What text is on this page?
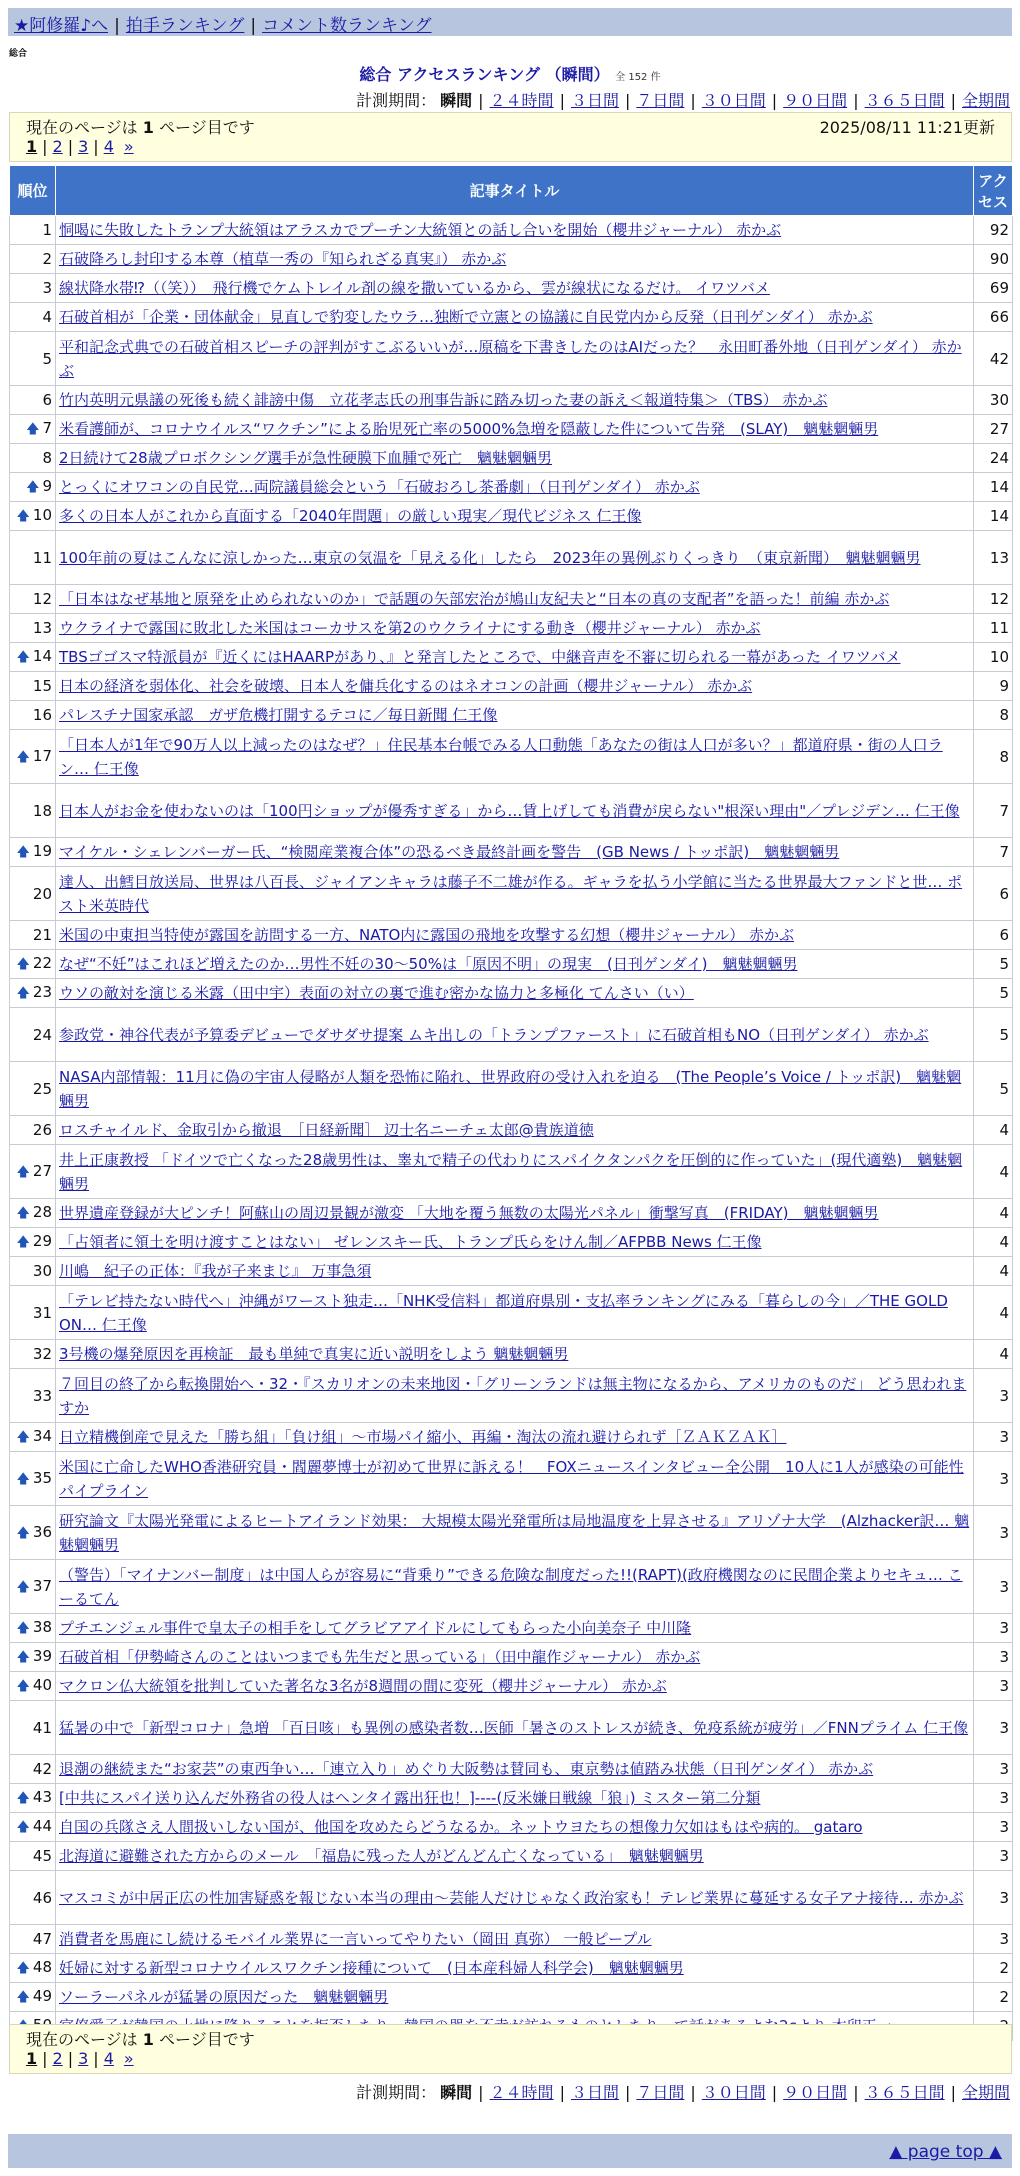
★阿修羅♪へ | 拍手ランキング | コメント数ランキング
総合
総合 アクセスランキング （瞬間） 全 152 件
計測期間： 瞬間 | ２４時間 | ３日間 | ７日間 | ３０日間 | ９０日間 | ３６５日間 | 全期間
現在のページは 1 ページ目です	2025/08/11 11:21更新
1 | 2 | 3 | 4 »
順位	記事タイトル	アクセス
1	恫喝に失敗したトランプ大統領はアラスカでプーチン大統領との話し合いを開始（櫻井ジャーナル） 赤かぶ	92
2	石破降ろし封印する本尊（植草一秀の『知られざる真実』） 赤かぶ	90
3	線状降水帯⁉（（笑））　飛行機でケムトレイル剤の線を撒いているから、雲が線状になるだけ。 イワツバメ	69
4	石破首相が「企業・団体献金」見直しで豹変したウラ…独断で立憲との協議に自民党内から反発（日刊ゲンダイ） 赤かぶ	66
5	平和記念式典での石破首相スピーチの評判がすこぶるいいが…原稿を下書きしたのはAIだった？　永田町番外地（日刊ゲンダイ） 赤かぶ	42
6	竹内英明元県議の死後も続く誹謗中傷　立花孝志氏の刑事告訴に踏み切った妻の訴え＜報道特集＞（TBS） 赤かぶ	30
🡅 7	米看護師が、コロナウイルス“ワクチン”による胎児死亡率の5000%急増を隠蔽した件について告発　(SLAY)　魑魅魍魎男	27
8	2日続けて28歳プロボクシング選手が急性硬膜下血腫で死亡　魑魅魍魎男	24
🡅 9	とっくにオワコンの自民党…両院議員総会という「石破おろし茶番劇」（日刊ゲンダイ） 赤かぶ	14
🡅 10	多くの日本人がこれから直面する「2040年問題」の厳しい現実／現代ビジネス 仁王像	14
11	100年前の夏はこんなに涼しかった…東京の気温を「見える化」したら　2023年の異例ぶりくっきり　（東京新聞）　魑魅魍魎男	13
12	「日本はなぜ基地と原発を止められないのか」で話題の矢部宏治が鳩山友紀夫と“日本の真の支配者”を語った！前編 赤かぶ	12
13	ウクライナで露国に敗北した米国はコーカサスを第2のウクライナにする動き（櫻井ジャーナル） 赤かぶ	11
🡅 14	TBSゴゴスマ特派員が『近くにはHAARPがあり、』と発言したところで、中継音声を不審に切られる一幕があった イワツバメ	10
15	日本の経済を弱体化、社会を破壊、日本人を傭兵化するのはネオコンの計画（櫻井ジャーナル） 赤かぶ	9
16	パレスチナ国家承認　ガザ危機打開するテコに／毎日新聞 仁王像	8
🡅 17	「日本人が1年で90万人以上減ったのはなぜ？」住民基本台帳でみる人口動態「あなたの街は人口が多い？」都道府県・街の人口ラン… 仁王像	8
18	日本人がお金を使わないのは「100円ショップが優秀すぎる」から…賃上げしても消費が戻らない"根深い理由"／プレジデン… 仁王像	7
🡅 19	マイケル・シェレンバーガー氏、“検閲産業複合体”の恐るべき最終計画を警告　(GB News / トッポ訳)　魑魅魍魎男	7
20	達人、出鱈目放送局、世界は八百長、ジャイアンキャラは藤子不二雄が作る。ギャラを払う小学館に当たる世界最大ファンドと世… ポスト米英時代	6
21	米国の中東担当特使が露国を訪問する一方、NATO内に露国の飛地を攻撃する幻想（櫻井ジャーナル） 赤かぶ	6
🡅 22	なぜ“不妊”はこれほど増えたのか…男性不妊の30～50%は「原因不明」の現実　(日刊ゲンダイ)　魑魅魍魎男	5
🡅 23	ウソの敵対を演じる米露（田中宇）表面の対立の裏で進む密かな協力と多極化 てんさい（い）	5
24	参政党・神谷代表が予算委デビューでダサダサ提案 ムキ出しの「トランプファースト」に石破首相もNO（日刊ゲンダイ） 赤かぶ	5
25	NASA内部情報：11月に偽の宇宙人侵略が人類を恐怖に陥れ、世界政府の受け入れを迫る　(The People’s Voice / トッポ訳)　魑魅魍魎男	5
26	ロスチャイルド、金取引から撤退　［日経新聞］ 辺士名ニーチェ太郎@貴族道徳	4
🡅 27	井上正康教授 「ドイツで亡くなった28歳男性は、睾丸で精子の代わりにスパイクタンパクを圧倒的に作っていた」(現代適塾)　魑魅魍魎男	4
🡅 28	世界遺産登録が大ピンチ！阿蘇山の周辺景観が激変 「大地を覆う無数の太陽光パネル」衝撃写真　(FRIDAY)　魑魅魍魎男	4
🡅 29	「占領者に領土を明け渡すことはない」 ゼレンスキー氏、トランプ氏らをけん制／AFPBB News 仁王像	4
30	川嶋　紀子の正体：『我が子来まじ』 万事急須	4
31	「テレビ持たない時代へ」沖縄がワースト独走…「NHK受信料」都道府県別・支払率ランキングにみる「暮らしの今」／THE GOLD ON… 仁王像	4
32	3号機の爆発原因を再検証　最も単純で真実に近い説明をしよう 魑魅魍魎男	4
33	７回目の終了から転換開始へ・32・『スカリオンの未来地図・「グリーンランドは無主物になるから、アメリカのものだ」 どう思われますか	3
🡅 34	日立精機倒産で見えた「勝ち組」「負け組」～市場パイ縮小、再編・淘汰の流れ避けられず［ＺＡＫＺＡＫ］	3
🡅 35	米国に亡命したWHO香港研究員・閻麗夢博士が初めて世界に訴える！　FOXニュースインタビュー全公開　10人に1人が感染の可能性 パイプライン	3
🡅 36	研究論文『太陽光発電によるヒートアイランド効果： 大規模太陽光発電所は局地温度を上昇させる』アリゾナ大学　(Alzhacker訳… 魑魅魍魎男	3
🡅 37	（警告）「マイナンバー制度」は中国人らが容易に“背乗り”できる危険な制度だった!!(RAPT)(政府機関なのに民間企業よりセキュ… こーるてん	3
🡅 38	プチエンジェル事件で皇太子の相手をしてグラビアアイドルにしてもらった小向美奈子 中川隆	3
🡅 39	石破首相「伊勢崎さんのことはいつまでも先生だと思っている」（田中龍作ジャーナル） 赤かぶ	3
🡅 40	マクロン仏大統領を批判していた著名な3名が8週間の間に変死（櫻井ジャーナル） 赤かぶ	3
41	猛暑の中で「新型コロナ」急増 「百日咳」も異例の感染者数…医師「暑さのストレスが続き、免疫系統が疲労」／FNNプライム 仁王像	3
42	退潮の継続また“お家芸”の東西争い…「連立入り」めぐり大阪勢は賛同も、東京勢は値踏み状態（日刊ゲンダイ） 赤かぶ	3
🡅 43	[中共にスパイ送り込んだ外務省の役人はヘンタイ露出狂也！]----(反米嫌日戦線「狼」) ミスター第二分類	3
🡅 44	自国の兵隊さえ人間扱いしない国が、他国を攻めたらどうなるか。ネットウヨたちの想像力欠如はもはや病的。 gataro	3
45	北海道に避難された方からのメール　「福島に残った人がどんどん亡くなっている」　魑魅魍魎男	3
46	マスコミが中居正広の性加害疑惑を報じない本当の理由～芸能人だけじゃなく政治家も！テレビ業界に蔓延する女子アナ接待… 赤かぶ	3
47	消費者を馬鹿にし続けるモバイル業界に一言いってやりたい（岡田 真弥） 一般ピープル	3
🡅 48	妊婦に対する新型コロナウイルスワクチン接種について　(日本産科婦人科学会)　魑魅魍魎男	2
🡅 49	ソーラーパネルが猛暑の原因だった　魑魅魍魎男	2

現在のページは 1 ページ目です
1 | 2 | 3 | 4 »
計測期間： 瞬間 | ２４時間 | ３日間 | ７日間 | ３０日間 | ９０日間 | ３６５日間 | 全期間
▲ page top ▲
